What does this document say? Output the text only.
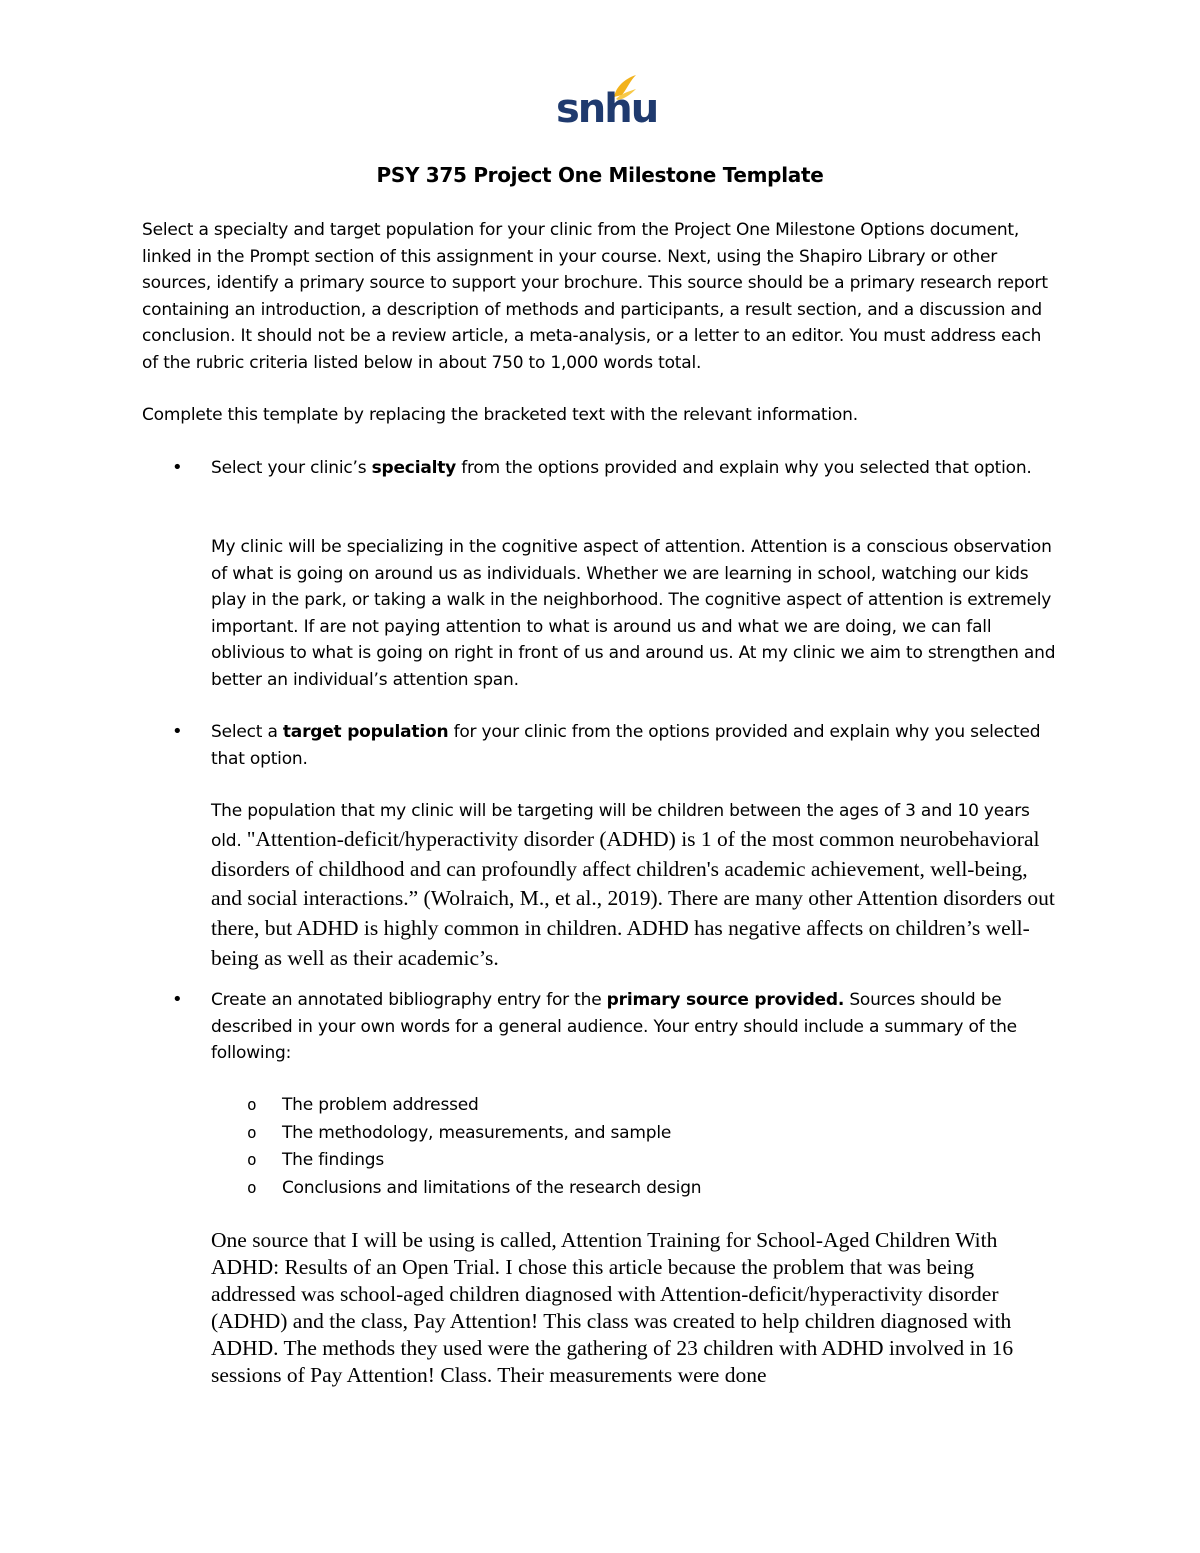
snhu
PSY 375 Project One Milestone Template
Select a specialty and target population for your clinic from the Project One Milestone Options document, linked in the Prompt section of this assignment in your course. Next, using the Shapiro Library or other sources, identify a primary source to support your brochure. This source should be a primary research report containing an introduction, a description of methods and participants, a result section, and a discussion and conclusion. It should not be a review article, a meta-analysis, or a letter to an editor. You must address each of the rubric criteria listed below in about 750 to 1,000 words total.
Complete this template by replacing the bracketed text with the relevant information.
• Select your clinic’s specialty from the options provided and explain why you selected that option.
My clinic will be specializing in the cognitive aspect of attention. Attention is a conscious observation of what is going on around us as individuals. Whether we are learning in school, watching our kids play in the park, or taking a walk in the neighborhood. The cognitive aspect of attention is extremely important. If are not paying attention to what is around us and what we are doing, we can fall oblivious to what is going on right in front of us and around us. At my clinic we aim to strengthen and better an individual’s attention span.
• Select a target population for your clinic from the options provided and explain why you selected that option.
The population that my clinic will be targeting will be children between the ages of 3 and 10 years old. "Attention-deficit/hyperactivity disorder (ADHD) is 1 of the most common neurobehavioral disorders of childhood and can profoundly affect children's academic achievement, well-being, and social interactions.” (Wolraich, M., et al., 2019). There are many other Attention disorders out there, but ADHD is highly common in children. ADHD has negative affects on children’s well-being as well as their academic’s.
• Create an annotated bibliography entry for the primary source provided. Sources should be described in your own words for a general audience. Your entry should include a summary of the following:
o The problem addressed
o The methodology, measurements, and sample
o The findings
o Conclusions and limitations of the research design
One source that I will be using is called, Attention Training for School-Aged Children With ADHD: Results of an Open Trial. I chose this article because the problem that was being addressed was school-aged children diagnosed with Attention-deficit/hyperactivity disorder (ADHD) and the class, Pay Attention! This class was created to help children diagnosed with ADHD. The methods they used were the gathering of 23 children with ADHD involved in 16 sessions of Pay Attention! Class. Their measurements were done
